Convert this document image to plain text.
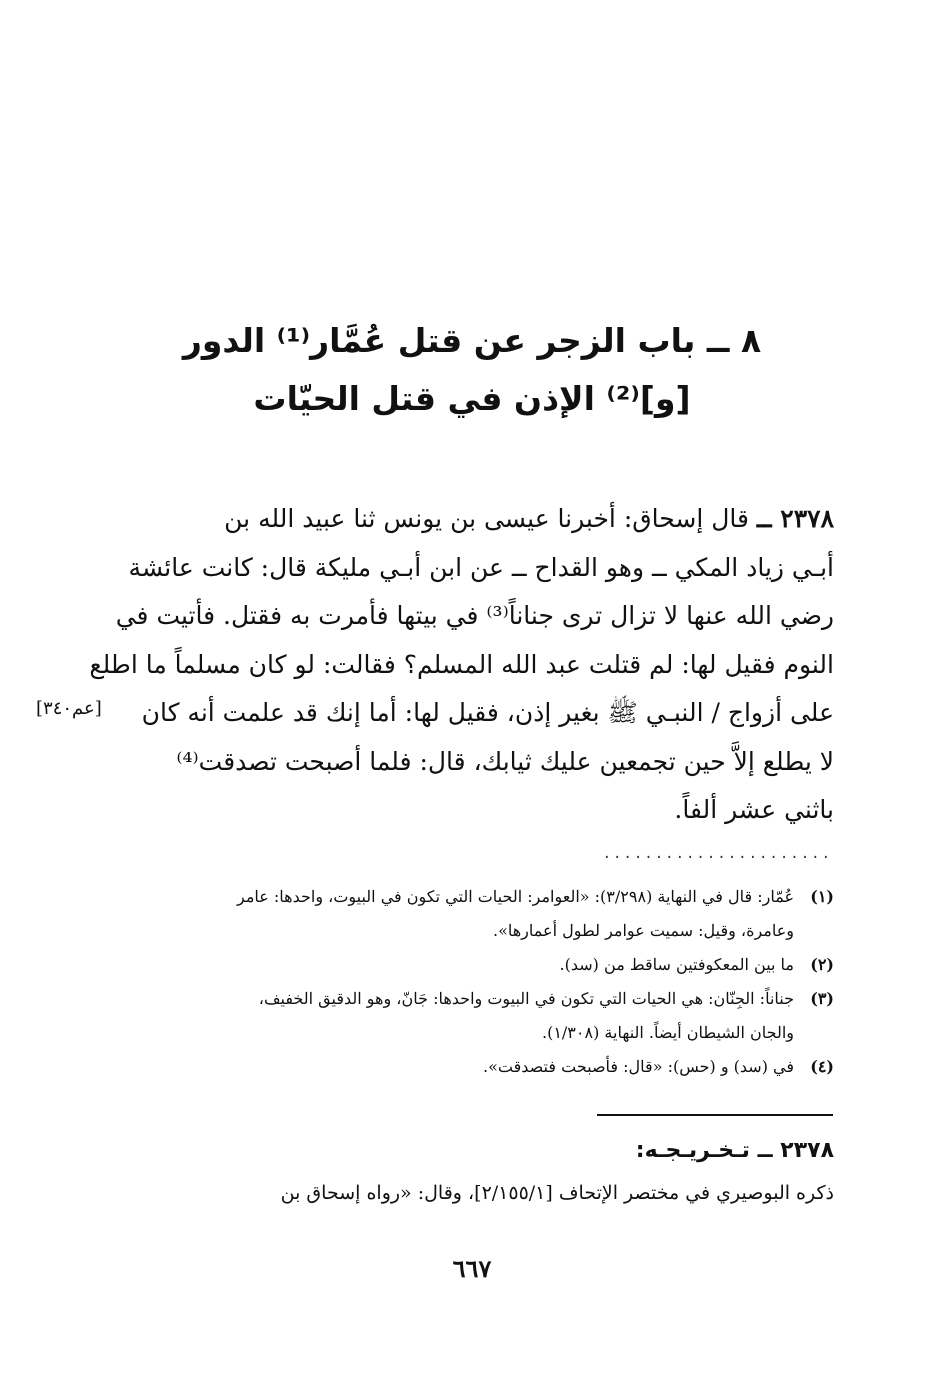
٨ ــ باب الزجر عن قتل عُمَّار⁽¹⁾ الدور
[و]⁽²⁾ الإذن في قتل الحيّات
٢٣٧٨ ــ قال إسحاق: أخبرنا عيسى بن يونس ثنا عبيد الله بن
أبـي زياد المكي ــ وهو القداح ــ عن ابن أبـي مليكة قال: كانت عائشة
رضي الله عنها لا تزال ترى جناناً⁽³⁾ في بيتها فأمرت به فقتل. فأتيت في
النوم فقيل لها: لم قتلت عبد الله المسلم؟ فقالت: لو كان مسلماً ما اطلع
على أزواج / النبـي ﷺ بغير إذن، فقيل لها: أما إنك قد علمت أنه كان
لا يطلع إلاَّ حين تجمعين عليك ثيابك، قال: فلما أصبحت تصدقت⁽⁴⁾
باثني عشر ألفاً.
[عم٣٤٠]
......................
(١)
عُمّار: قال في النهاية (٣/٢٩٨): «العوامر: الحيات التي تكون في البيوت، واحدها: عامر
وعامرة، وقيل: سميت عوامر لطول أعمارها».
(٢)
ما بين المعكوفتين ساقط من (سد).
(٣)
جناناً: الجِنّان: هي الحيات التي تكون في البيوت واحدها: جَانّ، وهو الدقيق الخفيف،
والجان الشيطان أيضاً. النهاية (١/٣٠٨).
(٤)
في (سد) و (حس): «قال: فأصبحت فتصدقت».
٢٣٧٨ ــ تـخـريـجـه:
ذكره البوصيري في مختصر الإتحاف [٢/١٥٥/١]، وقال: «رواه إسحاق بن
٦٦٧
